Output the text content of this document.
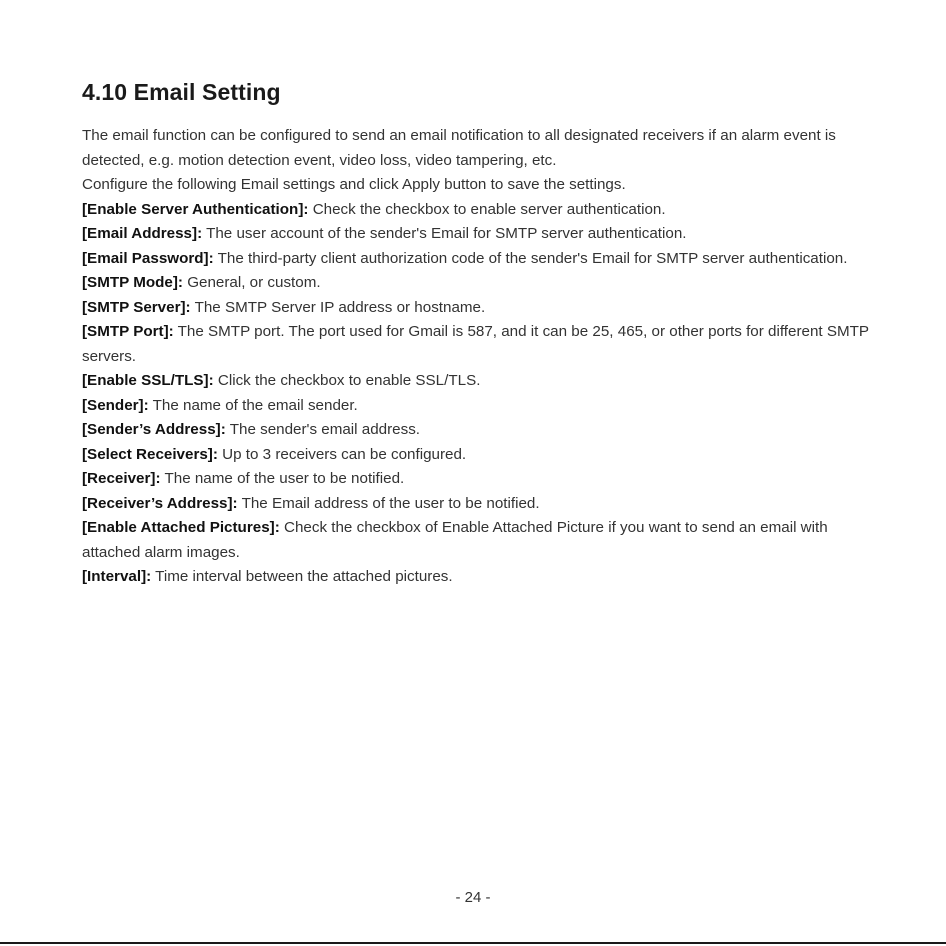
4.10 Email Setting

The email function can be configured to send an email notification to all designated receivers if an alarm event is detected, e.g. motion detection event, video loss, video tampering, etc.

Configure the following Email settings and click Apply button to save the settings.

[Enable Server Authentication]: Check the checkbox to enable server authentication.

[Email Address]: The user account of the sender's Email for SMTP server authentication.

[Email Password]: The third-party client authorization code of the sender's Email for SMTP server authentication.

[SMTP Mode]: General, or custom.

[SMTP Server]: The SMTP Server IP address or hostname.

[SMTP Port]: The SMTP port. The port used for Gmail is 587, and it can be 25, 465, or other ports for different SMTP servers.

[Enable SSL/TLS]: Click the checkbox to enable SSL/TLS.

[Sender]: The name of the email sender.

[Sender’s Address]: The sender's email address.

[Select Receivers]: Up to 3 receivers can be configured.

[Receiver]: The name of the user to be notified.

[Receiver’s Address]: The Email address of the user to be notified.

[Enable Attached Pictures]: Check the checkbox of Enable Attached Picture if you want to send an email with attached alarm images.

[Interval]: Time interval between the attached pictures.

- 24 -
